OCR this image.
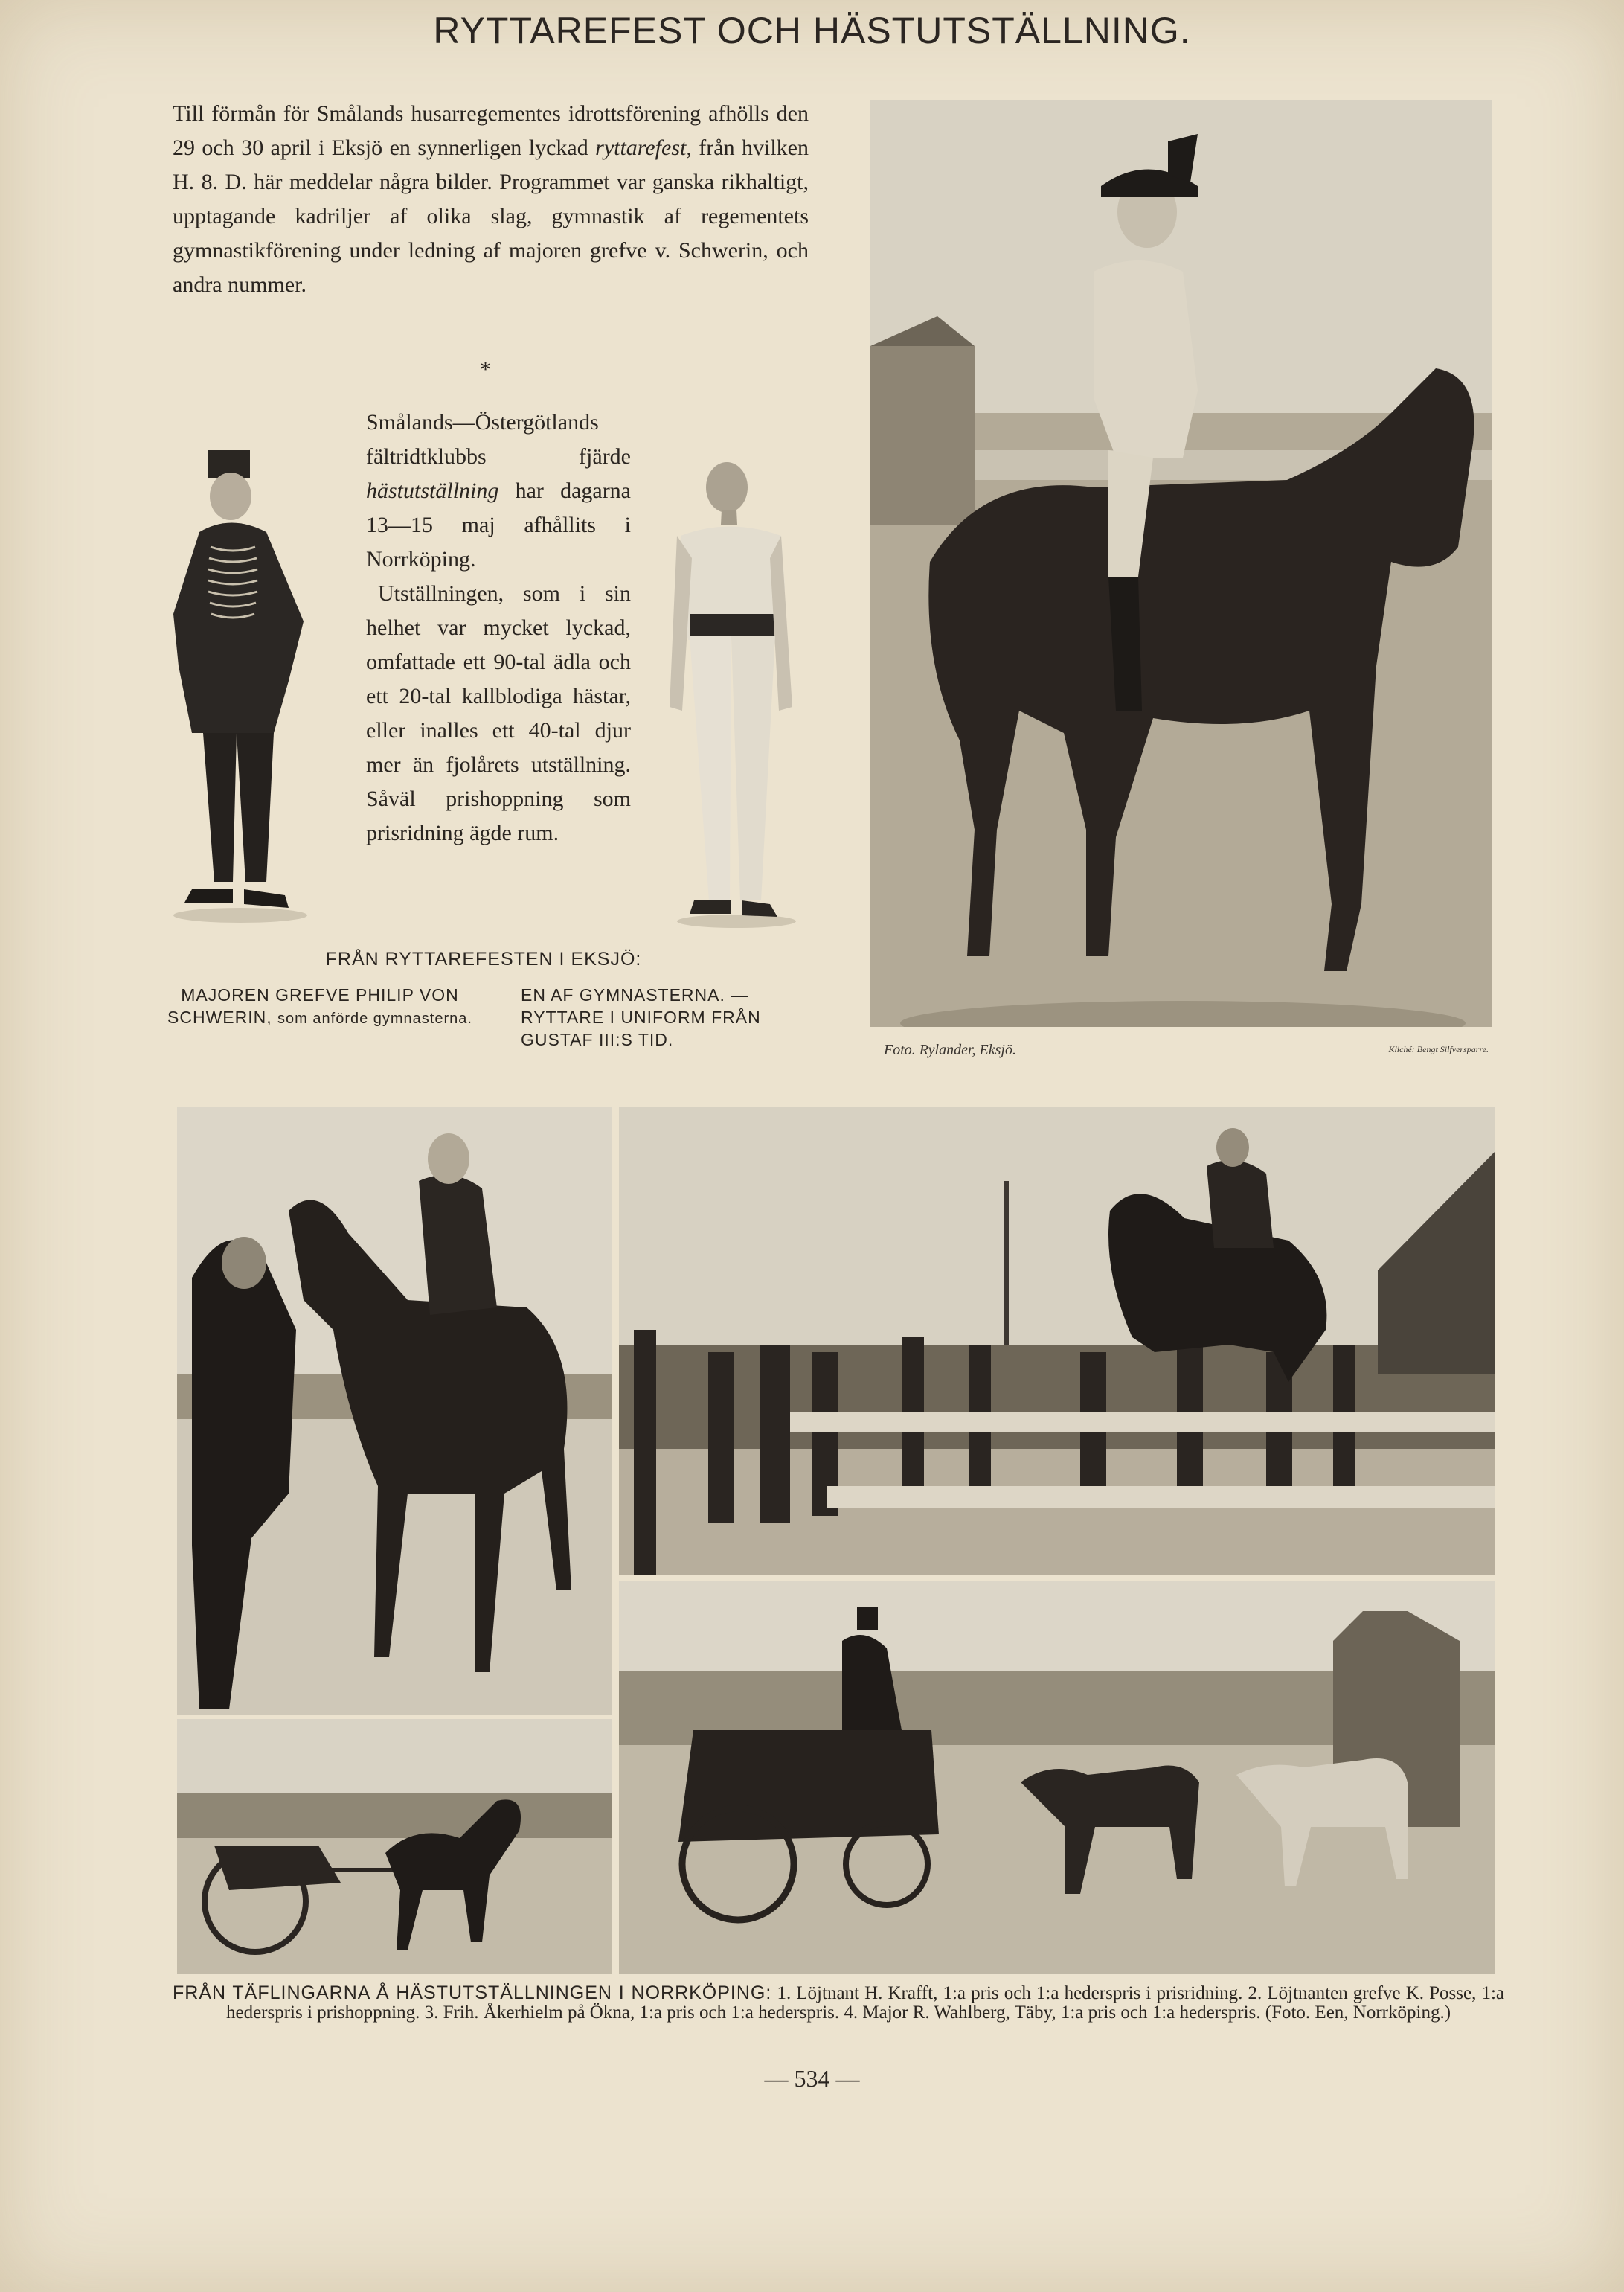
RYTTAREFEST OCH HÄSTUTSTÄLLNING.
Till förmån för Smålands husarregementes idrottsförening afhölls den 29 och 30 april i Eksjö en synnerligen lyckad ryttarefest, från hvilken H. 8. D. här meddelar några bilder. Programmet var ganska rikhaltigt, upptagande kadriljer af olika slag, gymnastik af regementets gymnastikförening under ledning af majoren grefve v. Schwerin, och andra nummer.
*

Smålands—Östergötlands fältridtklubbs fjärde hästutställning har dagarna 13—15 maj afhållits i Norrköping.

Utställningen, som i sin helhet var mycket lyckad, omfattade ett 90-tal ädla och ett 20-tal kallblodiga hästar, eller inalles ett 40-tal djur mer än fjolårets utställning. Såväl prishoppning som prisridning ägde rum.

FRÅN RYTTAREFESTEN I EKSJÖ:
MAJOREN GREFVE PHILIP VON SCHWERIN, som anförde gymnasterna.
EN AF GYMNASTERNA. — RYTTARE I UNIFORM FRÅN GUSTAF III:S TID.
Foto. Rylander, Eksjö.	Kliché: Bengt Silfversparre.
FRÅN TÄFLINGARNA Å HÄSTUTSTÄLLNINGEN I NORRKÖPING: 1. Löjtnant H. Krafft, 1:a pris och 1:a hederspris i prisridning. 2. Löjtnanten grefve K. Posse, 1:a hederspris i prishoppning. 3. Frih. Åkerhielm på Ökna, 1:a pris och 1:a hederspris. 4. Major R. Wahlberg, Täby, 1:a pris och 1:a hederspris. (Foto. Een, Norrköping.)
— 534 —
